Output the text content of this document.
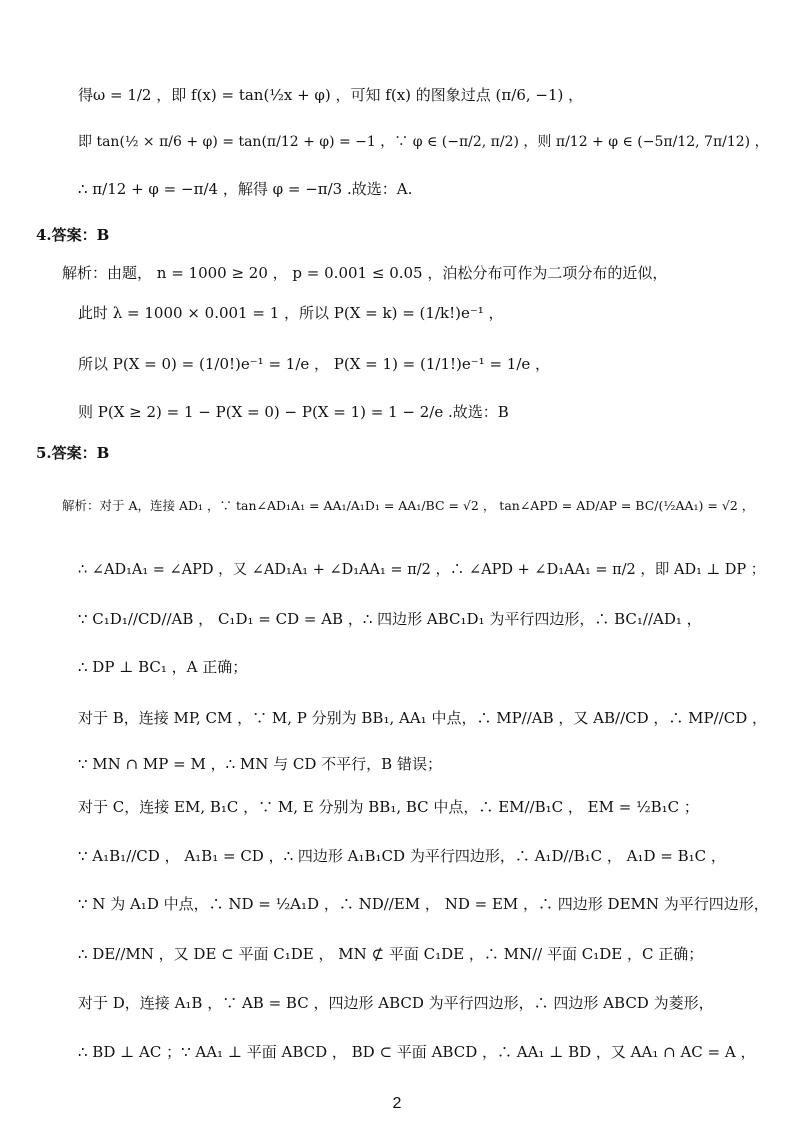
得ω = 1/2 ，即 f(x) = tan(½x + φ) ，可知 f(x) 的图象过点 (π/6, −1) ，
即 tan(½ × π/6 + φ) = tan(π/12 + φ) = −1 ，∵ φ ∈ (−π/2, π/2) ，则 π/12 + φ ∈ (−5π/12, 7π/12) ，
∴ π/12 + φ = −π/4 ，解得 φ = −π/3 .故选：A.
4.答案：B
解析：由题， n = 1000 ≥ 20 ， p = 0.001 ≤ 0.05 ，泊松分布可作为二项分布的近似，
此时 λ = 1000 × 0.001 = 1 ，所以 P(X = k) = (1/k!)e⁻¹ ，
所以 P(X = 0) = (1/0!)e⁻¹ = 1/e ， P(X = 1) = (1/1!)e⁻¹ = 1/e ，
则 P(X ≥ 2) = 1 − P(X = 0) − P(X = 1) = 1 − 2/e .故选：B
5.答案：B
解析：对于 A，连接 AD₁ ，∵ tan∠AD₁A₁ = AA₁/A₁D₁ = AA₁/BC = √2 ， tan∠APD = AD/AP = BC/(½AA₁) = √2 ，
∴ ∠AD₁A₁ = ∠APD ，又 ∠AD₁A₁ + ∠D₁AA₁ = π/2 ，∴ ∠APD + ∠D₁AA₁ = π/2 ，即 AD₁ ⊥ DP ；
∵ C₁D₁//CD//AB ， C₁D₁ = CD = AB ，∴ 四边形 ABC₁D₁ 为平行四边形，∴ BC₁//AD₁ ，
∴ DP ⊥ BC₁ ，A 正确；
对于 B，连接 MP, CM ，∵ M, P 分别为 BB₁, AA₁ 中点，∴ MP//AB ，又 AB//CD ，∴ MP//CD ，
∵ MN ∩ MP = M ，∴ MN 与 CD 不平行，B 错误；
对于 C，连接 EM, B₁C ，∵ M, E 分别为 BB₁, BC 中点，∴ EM//B₁C ， EM = ½B₁C ；
∵ A₁B₁//CD ， A₁B₁ = CD ，∴ 四边形 A₁B₁CD 为平行四边形，∴ A₁D//B₁C ， A₁D = B₁C ，
∵ N 为 A₁D 中点，∴ ND = ½A₁D ，∴ ND//EM ， ND = EM ，∴ 四边形 DEMN 为平行四边形，
∴ DE//MN ，又 DE ⊂ 平面 C₁DE ， MN ⊄ 平面 C₁DE ，∴ MN// 平面 C₁DE ，C 正确；
对于 D，连接 A₁B ，∵ AB = BC ，四边形 ABCD 为平行四边形，∴ 四边形 ABCD 为菱形，
∴ BD ⊥ AC ；∵ AA₁ ⊥ 平面 ABCD ， BD ⊂ 平面 ABCD ，∴ AA₁ ⊥ BD ，又 AA₁ ∩ AC = A ，
2
